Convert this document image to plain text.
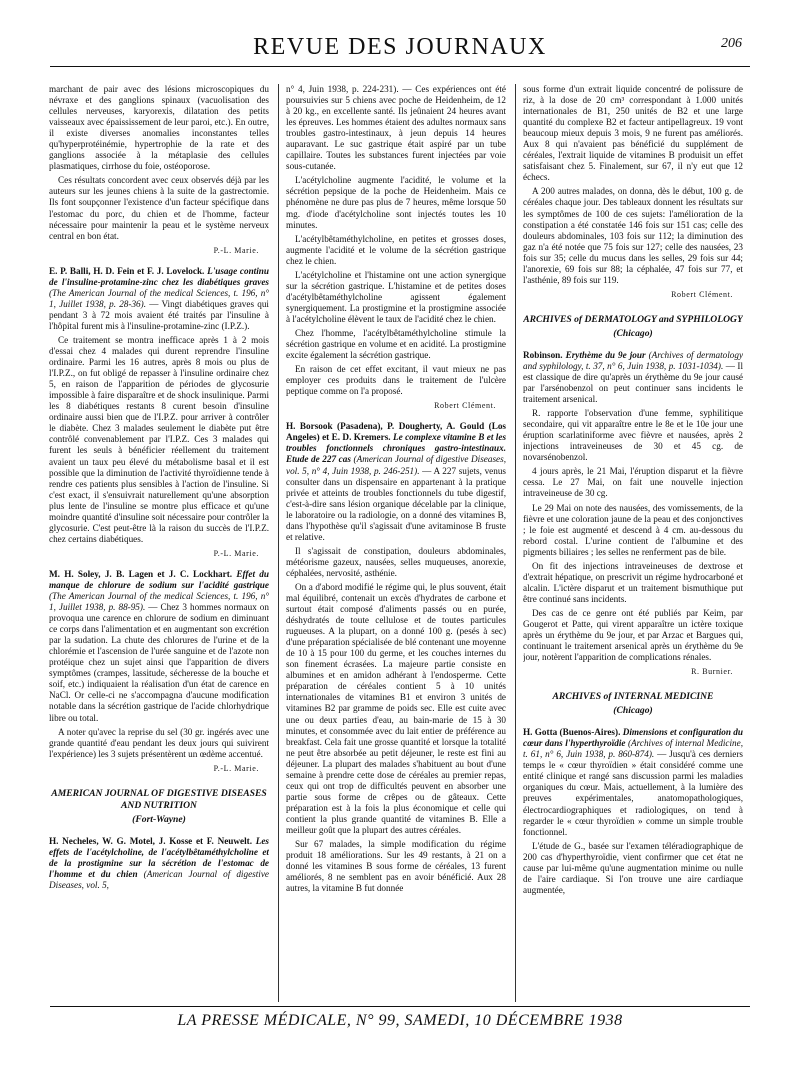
REVUE DES JOURNAUX	206

marchant de pair avec des lésions microscopiques du névraxe et des ganglions spinaux (vacuolisation des cellules nerveuses, karyorexis, dilatation des petits vaisseaux avec épaississement de leur paroi, etc.). En outre, il existe diverses anomalies inconstantes telles qu'hyperprotéinémie, hypertrophie de la rate et des ganglions associée à la métaplasie des cellules plasmatiques, cirrhose du foie, ostéoporose.

Ces résultats concordent avec ceux observés déjà par les auteurs sur les jeunes chiens à la suite de la gastrectomie. Ils font soupçonner l'existence d'un facteur spécifique dans l'estomac du porc, du chien et de l'homme, facteur nécessaire pour maintenir la peau et le système nerveux central en bon état.

P.-L. Marie.

E. P. Balli, H. D. Fein et F. J. Lovelock. L'usage continu de l'insuline-protamine-zinc chez les diabétiques graves (The American Journal of the medical Sciences, t. 196, n° 1, Juillet 1938, p. 28-36). — Vingt diabétiques graves qui pendant 3 à 72 mois avaient été traités par l'insuline à l'hôpital furent mis à l'insuline-protamine-zinc (I.P.Z.).

Ce traitement se montra inefficace après 1 à 2 mois d'essai chez 4 malades qui durent reprendre l'insuline ordinaire. Parmi les 16 autres, après 8 mois ou plus de l'I.P.Z., on fut obligé de repasser à l'insuline ordinaire chez 5, en raison de l'apparition de périodes de glycosurie impossible à faire disparaître et de shock insulinique. Parmi les 8 diabétiques restants 8 curent besoin d'insuline ordinaire aussi bien que de l'I.P.Z. pour arriver à contrôler le diabète. Chez 3 malades seulement le diabète put être contrôlé convenablement par l'I.P.Z. Ces 3 malades qui furent les seuls à bénéficier réellement du traitement avaient un taux peu élevé du métabolisme basal et il est possible que la diminution de l'activité thyroïdienne tende à rendre ces patients plus sensibles à l'action de l'insuline. Si c'est exact, il s'ensuivrait naturellement qu'une absorption plus lente de l'insuline se montre plus efficace et qu'une moindre quantité d'insuline soit nécessaire pour contrôler la glycosurie. C'est peut-être là la raison du succès de l'I.P.Z. chez certains diabétiques.

P.-L. Marie.

M. H. Soley, J. B. Lagen et J. C. Lockhart. Effet du manque de chlorure de sodium sur l'acidité gastrique (The American Journal of the medical Sciences, t. 196, n° 1, Juillet 1938, p. 88-95). — Chez 3 hommes normaux on provoqua une carence en chlorure de sodium en diminuant ce corps dans l'alimentation et en augmentant son excrétion par la sudation. La chute des chlorures de l'urine et de la chlorémie et l'ascension de l'urée sanguine et de l'azote non protéique chez un sujet ainsi que l'apparition de divers symptômes (crampes, lassitude, sécheresse de la bouche et soif, etc.) indiquaient la réalisation d'un état de carence en NaCl. Or celle-ci ne s'accompagna d'aucune modification notable dans la sécrétion gastrique de l'acide chlorhydrique libre ou total.

A noter qu'avec la reprise du sel (30 gr. ingérés avec une grande quantité d'eau pendant les deux jours qui suivirent l'expérience) les 3 sujets présentèrent un œdème accentué.

P.-L. Marie.

AMERICAN JOURNAL OF DIGESTIVE DISEASES AND NUTRITION
(Fort-Wayne)

H. Necheles, W. G. Motel, J. Kosse et F. Neuwelt. Les effets de l'acétylcholine, de l'acétylbêtaméthylcholine et de la prostigmine sur la sécrétion de l'estomac de l'homme et du chien (American Journal of digestive Diseases, vol. 5,

n° 4, Juin 1938, p. 224-231). — Ces expériences ont été poursuivies sur 5 chiens avec poche de Heidenheim, de 12 à 20 kg., en excellente santé. Ils jeûnaient 24 heures avant les épreuves. Les hommes étaient des adultes normaux sans troubles gastro-intestinaux, à jeun depuis 14 heures auparavant. Le suc gastrique était aspiré par un tube capillaire. Toutes les substances furent injectées par voie sous-cutanée.

L'acétylcholine augmente l'acidité, le volume et la sécrétion pepsique de la poche de Heidenheim. Mais ce phénomène ne dure pas plus de 7 heures, même lorsque 50 mg. d'iode d'acétylcholine sont injectés toutes les 10 minutes.

L'acétylbêtaméthylcholine, en petites et grosses doses, augmente l'acidité et le volume de la sécrétion gastrique chez le chien.

L'acétylcholine et l'histamine ont une action synergique sur la sécrétion gastrique. L'histamine et de petites doses d'acétylbêtaméthylcholine agissent également synergiquement. La prostigmine et la prostigmine associée à l'acétylcholine élèvent le taux de l'acidité chez le chien.

Chez l'homme, l'acétylbêtaméthylcholine stimule la sécrétion gastrique en volume et en acidité. La prostigmine excite également la sécrétion gastrique.

En raison de cet effet excitant, il vaut mieux ne pas employer ces produits dans le traitement de l'ulcère peptique comme on l'a proposé.

Robert Clément.

H. Borsook (Pasadena), P. Dougherty, A. Gould (Los Angeles) et E. D. Kremers. Le complexe vitamine B et les troubles fonctionnels chroniques gastro-intestinaux. Etude de 227 cas (American Journal of digestive Diseases, vol. 5, n° 4, Juin 1938, p. 246-251). — A 227 sujets, venus consulter dans un dispensaire en appartenant à la pratique privée et atteints de troubles fonctionnels du tube digestif, c'est-à-dire sans lésion organique décelable par la clinique, le laboratoire ou la radiologie, on a donné des vitamines B, dans l'hypothèse qu'il s'agissait d'une avitaminose B fruste et relative.

Il s'agissait de constipation, douleurs abdominales, météorisme gazeux, nausées, selles muqueuses, anorexie, céphalées, nervosité, asthénie.

On a d'abord modifié le régime qui, le plus souvent, était mal équilibré, contenait un excès d'hydrates de carbone et surtout était composé d'aliments passés ou en purée, déshydratés de toute cellulose et de toutes particules rugueuses. A la plupart, on a donné 100 g. (pesés à sec) d'une préparation spécialisée de blé contenant une moyenne de 10 à 15 pour 100 du germe, et les couches internes du son finement écrasées. La majeure partie consiste en albumines et en amidon adhérant à l'endosperme. Cette préparation de céréales contient 5 à 10 unités internationales de vitamines B1 et environ 3 unités de vitamines B2 par gramme de poids sec. Elle est cuite avec une ou deux parties d'eau, au bain-marie de 15 à 30 minutes, et consommée avec du lait entier de préférence au breakfast. Cela fait une grosse quantité et lorsque la totalité ne peut être absorbée au petit déjeuner, le reste est fini au déjeuner. La plupart des malades s'habituent au bout d'une semaine à prendre cette dose de céréales au premier repas, ceux qui ont trop de difficultés peuvent en absorber une partie sous forme de crêpes ou de gâteaux. Cette préparation est à la fois la plus économique et celle qui contient la plus grande quantité de vitamines B. Elle a meilleur goût que la plupart des autres céréales.

Sur 67 malades, la simple modification du régime produit 18 améliorations. Sur les 49 restants, à 21 on a donné les vitamines B sous forme de céréales, 13 furent améliorés, 8 ne semblent pas en avoir bénéficié. Aux 28 autres, la vitamine B fut donnée

sous forme d'un extrait liquide concentré de polissure de riz, à la dose de 20 cm³ correspondant à 1.000 unités internationales de B1, 250 unités de B2 et une large quantité du complexe B2 et facteur antipellagreux. 19 vont beaucoup mieux depuis 3 mois, 9 ne furent pas améliorés. Aux 8 qui n'avaient pas bénéficié du supplément de céréales, l'extrait liquide de vitamines B produisit un effet satisfaisant chez 5. Finalement, sur 67, il n'y eut que 12 échecs.

A 200 autres malades, on donna, dès le début, 100 g. de céréales chaque jour. Des tableaux donnent les résultats sur les symptômes de 100 de ces sujets: l'amélioration de la constipation a été constatée 146 fois sur 151 cas; celle des douleurs abdominales, 103 fois sur 112; la diminution des gaz n'a été notée que 75 fois sur 127; celle des nausées, 23 fois sur 35; celle du mucus dans les selles, 29 fois sur 44; l'anorexie, 69 fois sur 88; la céphalée, 47 fois sur 77, et l'asthénie, 89 fois sur 119.

Robert Clément.

ARCHIVES of DERMATOLOGY and SYPHILOLOGY
(Chicago)

Robinson. Erythème du 9e jour (Archives of dermatology and syphilology, t. 37, n° 6, Juin 1938, p. 1031-1034). — Il est classique de dire qu'après un érythème du 9e jour causé par l'arsénobenzol on peut continuer sans incidents le traitement arsenical.

R. rapporte l'observation d'une femme, syphilitique secondaire, qui vit apparaître entre le 8e et le 10e jour une éruption scarlatiniforme avec fièvre et nausées, après 2 injections intraveineuses de 30 et 45 cg. de novarsénobenzol.

4 jours après, le 21 Mai, l'éruption disparut et la fièvre cessa. Le 27 Mai, on fait une nouvelle injection intraveineuse de 30 cg.

Le 29 Mai on note des nausées, des vomissements, de la fièvre et une coloration jaune de la peau et des conjonctives ; le foie est augmenté et descend à 4 cm. au-dessous du rebord costal. L'urine contient de l'albumine et des pigments biliaires ; les selles ne renferment pas de bile.

On fit des injections intraveineuses de dextrose et d'extrait hépatique, on prescrivit un régime hydrocarboné et alcalin. L'ictère disparut et un traitement bismuthique put être continué sans incidents.

Des cas de ce genre ont été publiés par Keim, par Gougerot et Patte, qui virent apparaître un ictère toxique après un érythème du 9e jour, et par Arzac et Bargues qui, continuant le traitement arsenical après un érythème du 9e jour, notèrent l'apparition de complications rénales.

R. Burnier.

ARCHIVES of INTERNAL MEDICINE
(Chicago)

H. Gotta (Buenos-Aires). Dimensions et configuration du cœur dans l'hyperthyroïdie (Archives of internal Medicine, t. 61, n° 6, Juin 1938, p. 860-874). — Jusqu'à ces derniers temps le « cœur thyroïdien » était considéré comme une entité clinique et rangé sans discussion parmi les maladies organiques du cœur. Mais, actuellement, à la lumière des preuves expérimentales, anatomopathologiques, électrocardiographiques et radiologiques, on tend à regarder le « cœur thyroïdien » comme un simple trouble fonctionnel.

L'étude de G., basée sur l'examen téléradiographique de 200 cas d'hyperthyroïdie, vient confirmer que cet état ne cause par lui-même qu'une augmentation minime ou nulle de l'aire cardiaque. Si l'on trouve une aire cardiaque augmentée,

LA PRESSE MÉDICALE, N° 99, SAMEDI, 10 DÉCEMBRE 1938
